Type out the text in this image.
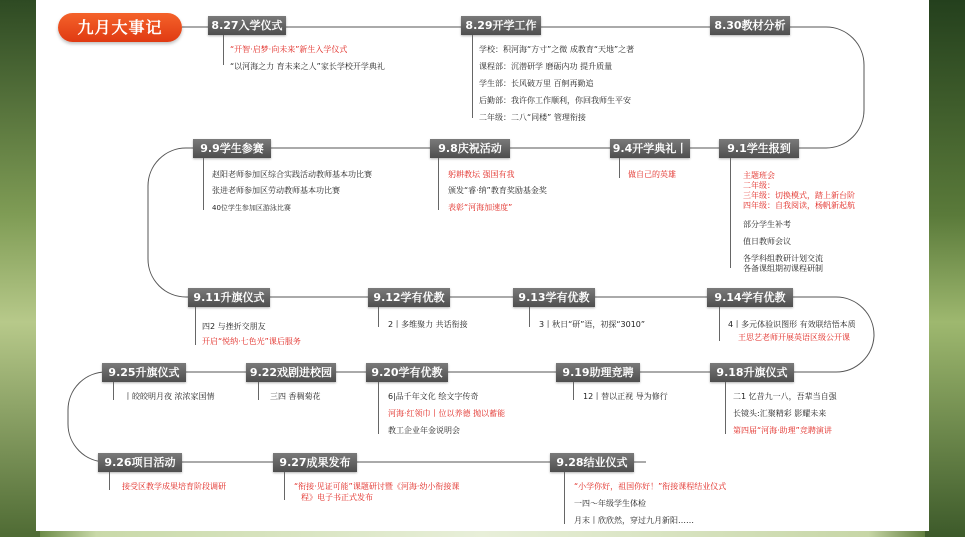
九月大事记	8.27入学仪式
“开智·启梦·向未来”新生入学仪式
“以河海之力 育未来之人”家长学校开学典礼
8.29开学工作
学校：积河海“方寸”之微 成教育“天地”之著
课程部：沉潜研学 磨砺内功 提升质量
学生部：长风破万里 百舸再勤追
后勤部：我许你工作顺利，你回我师生平安
二年级：二八“同楼” 管理衔接
8.30教材分析
9.9学生参赛
赵阳老师参加区综合实践活动教师基本功比赛
张进老师参加区劳动教师基本功比赛
40位学生参加区游泳比赛
9.8庆祝活动
躬耕教坛 强国有我
颁发“睿·纳”教育奖励基金奖
表彰“河海加速度”
9.4开学典礼丨
做自己的英雄
9.1学生报到
主题班会
二年级：
三年级：切换模式，踏上新台阶
四年级：自我阅读，杨帆新起航
部分学生补考
值日教师会议
各学科组教研计划交流
各备课组期初课程研制
9.11升旗仪式
四2 与挫折交朋友
开启“悦纳·七色光”课后服务
9.12学有优教
2丨多维聚力 共话衔接
9.13学有优教
3丨秋日“研”语，初探“3010”
9.14学有优教
4丨多元体验识图形 有效联结悟本质
王思艺老师开展英语区级公开课
9.25升旗仪式
丨皎皎明月夜 浓浓家国情
9.22戏剧进校园
三四 香稠菊花
9.20学有优教
6|品千年文化 绘文字传奇
河海·红领巾丨位以养德 抛以蓄能
教工企业年金说明会
9.19助理竞聘
12丨替以正视 导为修行
9.18升旗仪式
二1 忆昔九一八，吾辈当自强
长镜头:汇聚精彩 影耀未来
第四届“河海·助理”竞聘演讲
9.26项目活动
接受区教学成果培育阶段调研
9.27成果发布
“衔接·见证可能”课题研讨暨《河海·幼小衔接课
程》电子书正式发布
9.28结业仪式
“小学你好，祖国你好！”衔接课程结业仪式
一四～年级学生体检
月末丨欣欣然，穿过九月新阳……
